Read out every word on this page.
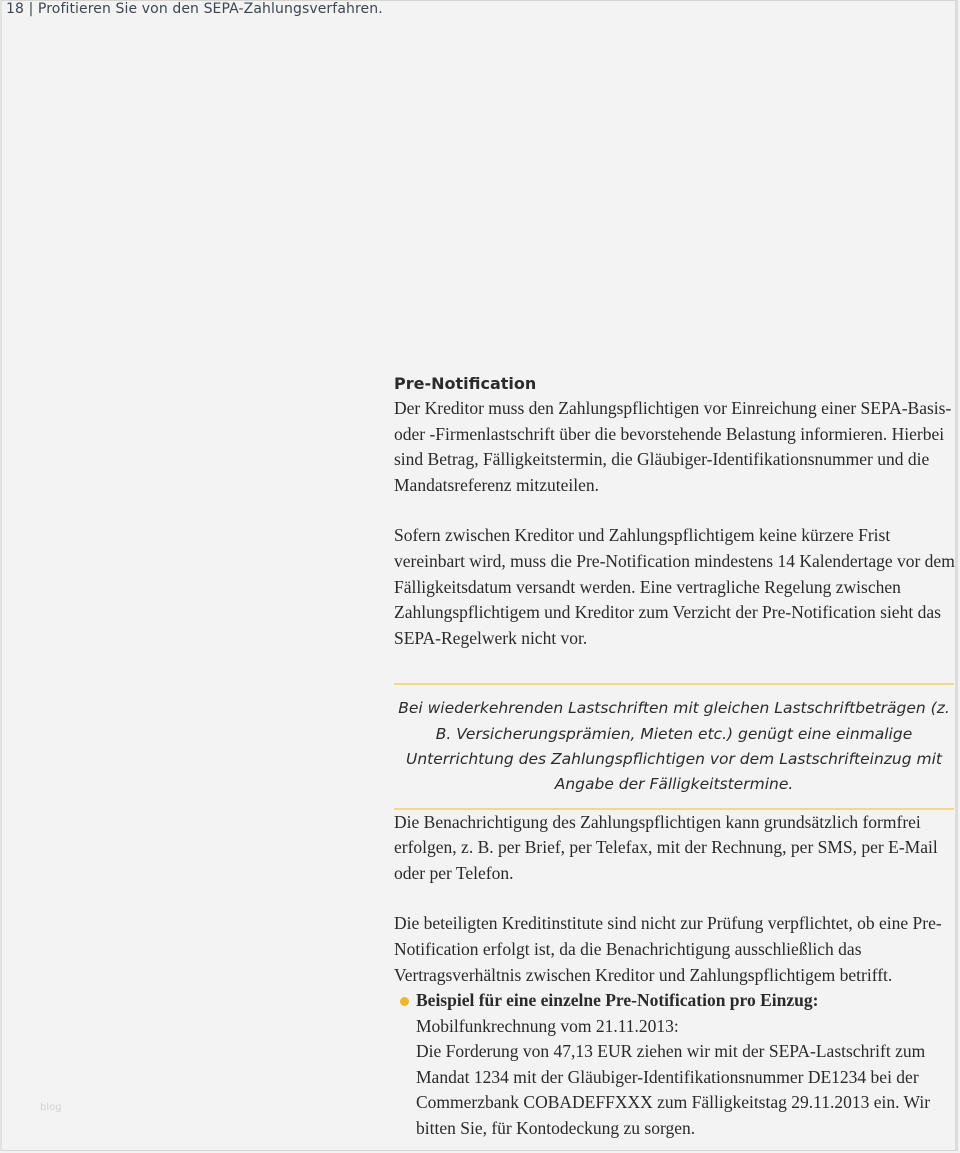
18 | Profitieren Sie von den SEPA-Zahlungsverfahren.
Pre-Notification

Der Kreditor muss den Zahlungspflichtigen vor Einreichung einer SEPA-Basis- oder -Firmenlastschrift über die bevorstehende Belastung informieren. Hierbei sind Betrag, Fälligkeitstermin, die Gläubiger-Identifikationsnummer und die Mandatsreferenz mitzuteilen.

Sofern zwischen Kreditor und Zahlungspflichtigem keine kürzere Frist vereinbart wird, muss die Pre-Notification mindestens 14 Kalendertage vor dem Fälligkeitsdatum versandt werden. Eine vertragliche Regelung zwischen Zahlungspflichtigem und Kreditor zum Verzicht der Pre-Notification sieht das SEPA-Regelwerk nicht vor.

Bei wiederkehrenden Lastschriften mit gleichen Lastschriftbeträgen (z. B. Versicherungsprämien, Mieten etc.) genügt eine einmalige Unterrichtung des Zahlungspflichtigen vor dem Lastschrifteinzug mit Angabe der Fälligkeitstermine.

Die Benachrichtigung des Zahlungspflichtigen kann grundsätzlich formfrei erfolgen, z. B. per Brief, per Telefax, mit der Rechnung, per SMS, per E-Mail oder per Telefon.

Die beteiligten Kreditinstitute sind nicht zur Prüfung verpflichtet, ob eine Pre-Notification erfolgt ist, da die Benachrichtigung ausschließlich das Vertragsverhältnis zwischen Kreditor und Zahlungspflichtigem betrifft.

Beispiel für eine einzelne Pre-Notification pro Einzug:

Mobilfunkrechnung vom 21.11.2013:

Die Forderung von 47,13 EUR ziehen wir mit der SEPA-Lastschrift zum Mandat 1234 mit der Gläubiger-Identifikationsnummer DE1234 bei der Commerzbank COBADEFFXXX zum Fälligkeitstag 29.11.2013 ein. Wir bitten Sie, für Kontodeckung zu sorgen.

blog
